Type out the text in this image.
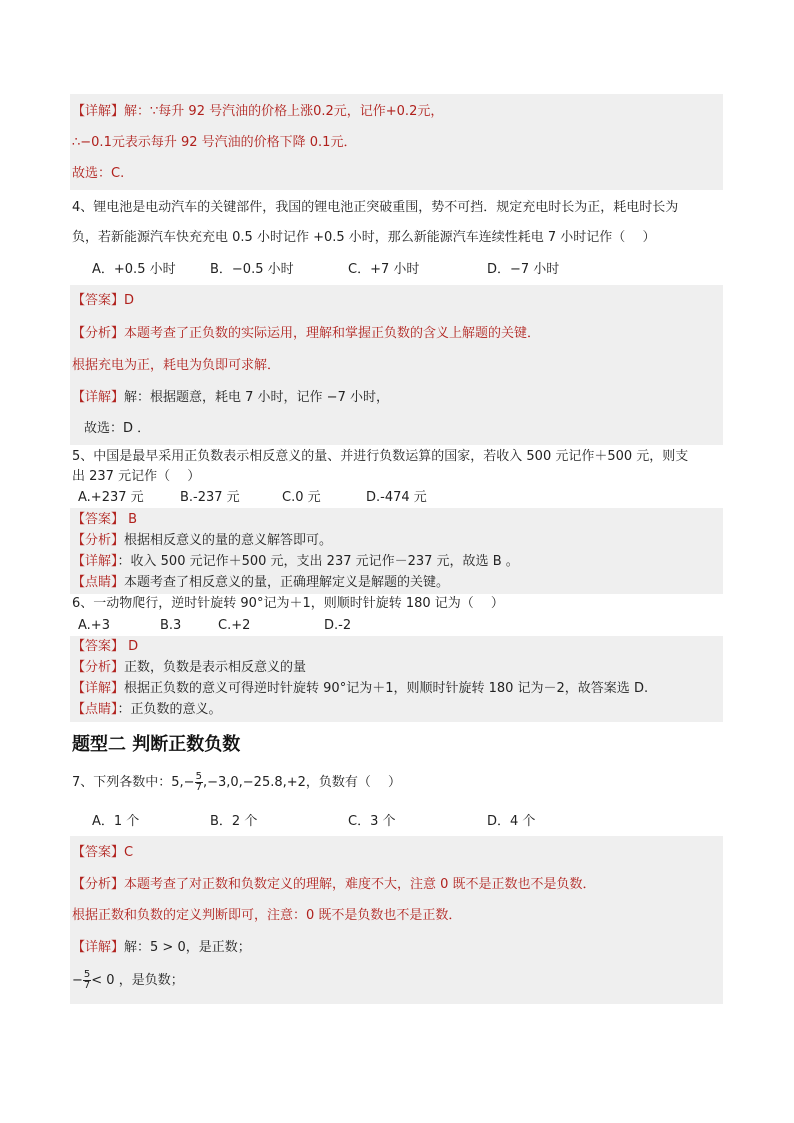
【详解】解：∵每升 92 号汽油的价格上涨0.2元，记作+0.2元，
∴−0.1元表示每升 92 号汽油的价格下降 0.1元．
故选：C.
4、锂电池是电动汽车的关键部件，我国的锂电池正突破重围，势不可挡．规定充电时长为正，耗电时长为
负，若新能源汽车快充充电 0.5 小时记作 +0.5 小时，那么新能源汽车连续性耗电 7 小时记作（　 ）
A．+0.5 小时	B．−0.5 小时	C．+7 小时	D．−7 小时
【答案】D
【分析】本题考查了正负数的实际运用，理解和掌握正负数的含义上解题的关键．
根据充电为正，耗电为负即可求解．
【详解】解：根据题意，耗电 7 小时，记作 −7 小时，
故选：D ．
5、中国是最早采用正负数表示相反意义的量、并进行负数运算的国家，若收入 500 元记作＋500 元，则支
出 237 元记作（　 ）
A.+237 元	B.-237 元	C.0 元	D.-474 元
【答案】 B
【分析】根据相反意义的量的意义解答即可。
【详解】：收入 500 元记作＋500 元，支出 237 元记作－237 元，故选 B 。
【点睛】本题考查了相反意义的量，正确理解定义是解题的关键。
6、一动物爬行，逆时针旋转 90°记为＋1，则顺时针旋转 180 记为（　 ）
A.+3	B.3	C.+2	D.-2
【答案】 D
【分析】正数，负数是表示相反意义的量
【详解】根据正负数的意义可得逆时针旋转 90°记为＋1，则顺时针旋转 180 记为－2，故答案选 D.
【点睛】：正负数的意义。
题型二 判断正数负数
7、下列各数中：$5,- \frac{5}{7} ,-3,0,-25.8,+2$，负数有（　 ）
A．1 个	B．2 个	C．3 个	D．4 个
【答案】C
【分析】本题考查了对正数和负数定义的理解，难度不大，注意 0 既不是正数也不是负数．
根据正数和负数的定义判断即可，注意：0 既不是负数也不是正数．
【详解】解：5 > 0，是正数；
− $\frac{5}{7} < 0$ ，是负数；
